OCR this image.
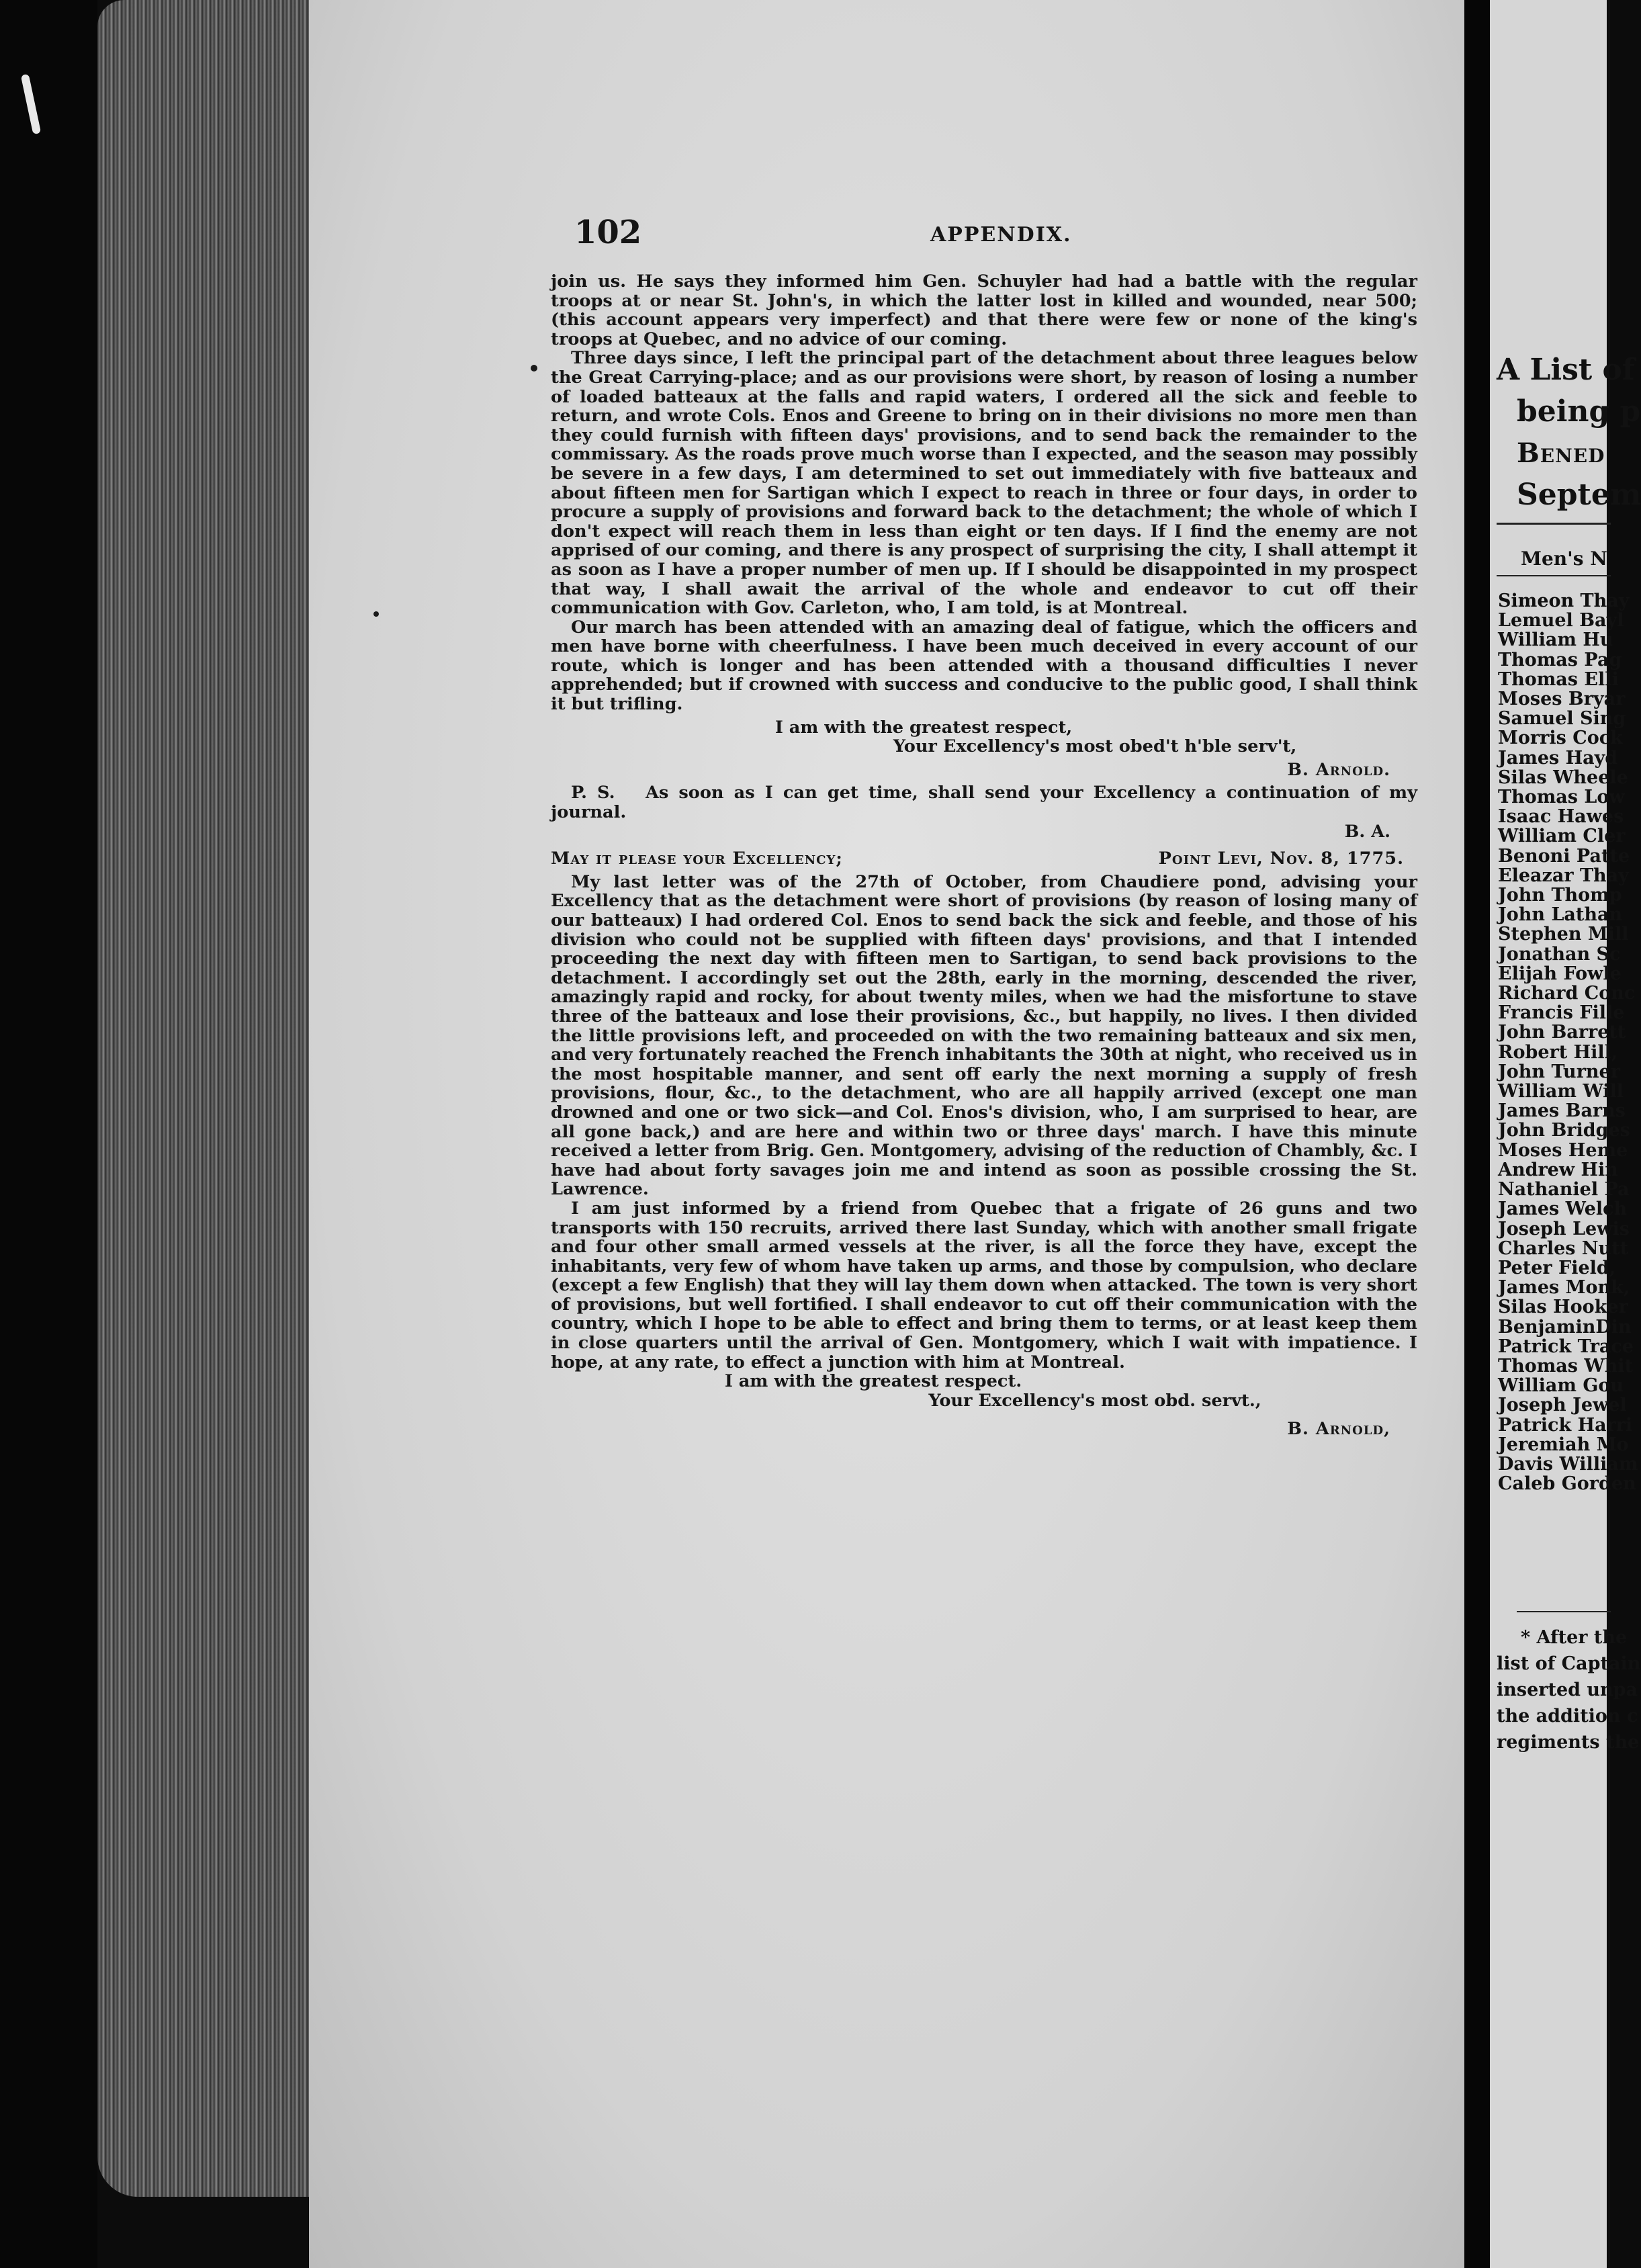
102	APPENDIX.

join us. He says they informed him Gen. Schuyler had had a battle with the regular troops at or near St. John's, in which the latter lost in killed and wounded, near 500; (this account appears very imperfect) and that there were few or none of the king's troops at Quebec, and no advice of our coming.

Three days since, I left the principal part of the detachment about three leagues below the Great Carrying-place; and as our provisions were short, by reason of losing a number of loaded batteaux at the falls and rapid waters, I ordered all the sick and feeble to return, and wrote Cols. Enos and Greene to bring on in their divisions no more men than they could furnish with fifteen days' provisions, and to send back the remainder to the commissary. As the roads prove much worse than I expected, and the season may possibly be severe in a few days, I am determined to set out immediately with five batteaux and about fifteen men for Sartigan which I expect to reach in three or four days, in order to procure a supply of provisions and forward back to the detachment; the whole of which I don't expect will reach them in less than eight or ten days. If I find the enemy are not apprised of our coming, and there is any prospect of surprising the city, I shall attempt it as soon as I have a proper number of men up. If I should be disappointed in my prospect that way, I shall await the arrival of the whole and endeavor to cut off their communication with Gov. Carleton, who, I am told, is at Montreal.

Our march has been attended with an amazing deal of fatigue, which the officers and men have borne with cheerfulness. I have been much deceived in every account of our route, which is longer and has been attended with a thousand difficulties I never apprehended; but if crowned with success and conducive to the public good, I shall think it but trifling.

I am with the greatest respect,

Your Excellency's most obed't h'ble serv't,

B. Arnold.

P. S. As soon as I can get time, shall send your Excellency a continuation of my journal.

B. A.

May it please your Excellency;	Point Levi, Nov. 8, 1775.

My last letter was of the 27th of October, from Chaudiere pond, advising your Excellency that as the detachment were short of provisions (by reason of losing many of our batteaux) I had ordered Col. Enos to send back the sick and feeble, and those of his division who could not be supplied with fifteen days' provisions, and that I intended proceeding the next day with fifteen men to Sartigan, to send back provisions to the detachment. I accordingly set out the 28th, early in the morning, descended the river, amazingly rapid and rocky, for about twenty miles, when we had the misfortune to stave three of the batteaux and lose their provisions, &c., but happily, no lives. I then divided the little provisions left, and proceeded on with the two remaining batteaux and six men, and very fortunately reached the French inhabitants the 30th at night, who received us in the most hospitable manner, and sent off early the next morning a supply of fresh provisions, flour, &c., to the detachment, who are all happily arrived (except one man drowned and one or two sick—and Col. Enos's division, who, I am surprised to hear, are all gone back,) and are here and within two or three days' march. I have this minute received a letter from Brig. Gen. Montgomery, advising of the reduction of Chambly, &c. I have had about forty savages join me and intend as soon as possible crossing the St. Lawrence.

I am just informed by a friend from Quebec that a frigate of 26 guns and two transports with 150 recruits, arrived there last Sunday, which with another small frigate and four other small armed vessels at the river, is all the force they have, except the inhabitants, very few of whom have taken up arms, and those by compulsion, who declare (except a few English) that they will lay them down when attacked. The town is very short of provisions, but well fortified. I shall endeavor to cut off their communication with the country, which I hope to be able to effect and bring them to terms, or at least keep them in close quarters until the arrival of Gen. Montgomery, which I wait with impatience. I hope, at any rate, to effect a junction with him at Montreal.

I am with the greatest respect.

Your Excellency's most obd. servt.,

B. Arnold,

A List of
being p
Bened
Septem
Men's N
Simeon Thay
Lemuel Bayl
William Hu
Thomas Pag
Thomas Elli
Moses Bryar
Samuel Sing
Morris Cock
James Hayd
Silas Wheele
Thomas Low
Isaac Hawes
William Cler
Benoni Patte
Eleazar Thay
John Thomp
John Lathan
Stephen Mill
Jonathan Sc
Elijah Fowle
Richard Conc
Francis Fille
John Barrett
Robert Hill,
John Turner
William Will
James Barns
John Bridges
Moses Heme
Andrew Hin
Nathaniel Pa
James Welch
Joseph Lewis
Charles Nutt
Peter Field,
James Monk,
Silas Hooker
BenjaminDin
Patrick Trace
Thomas Whit
William Gou
Joseph Jewel
Patrick Harri
Jeremiah Mo
Davis William
Caleb Gorden
* After the
list of Captain
inserted unpa
the addition c
regiments the
